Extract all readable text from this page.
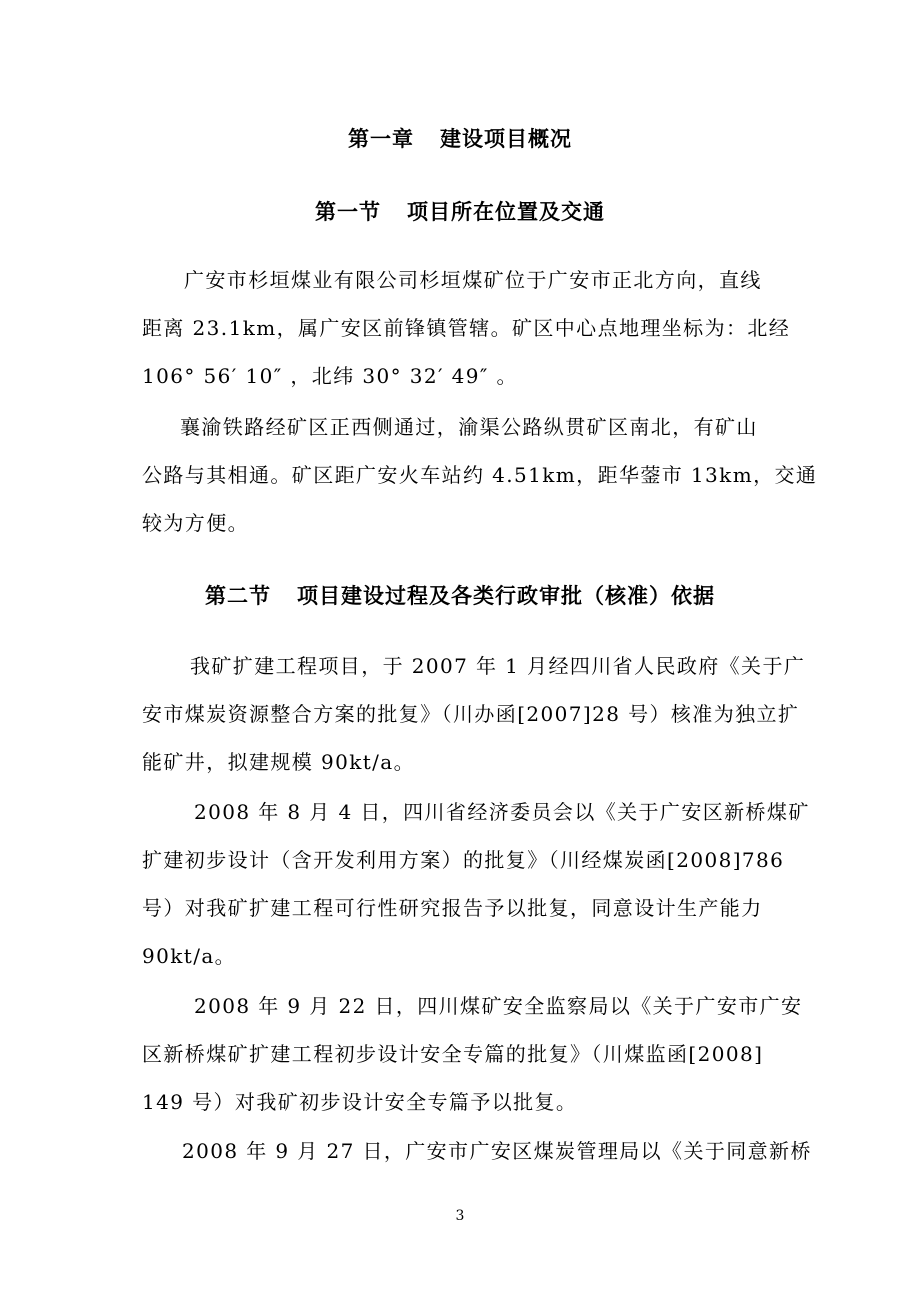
第一章 建设项目概况
第一节 项目所在位置及交通
广安市杉垣煤业有限公司杉垣煤矿位于广安市正北方向，直线
距离 23.1km，属广安区前锋镇管辖。矿区中心点地理坐标为：北经
106° 56′ 10″ ，北纬 30° 32′ 49″ 。
襄渝铁路经矿区正西侧通过，渝渠公路纵贯矿区南北，有矿山
公路与其相通。矿区距广安火车站约 4.51km，距华蓥市 13km，交通
较为方便。
第二节 项目建设过程及各类行政审批（核准）依据
我矿扩建工程项目，于 2007 年 1 月经四川省人民政府《关于广
安市煤炭资源整合方案的批复》（川办函[2007]28 号）核准为独立扩
能矿井，拟建规模 90kt/a。
2008 年 8 月 4 日，四川省经济委员会以《关于广安区新桥煤矿
扩建初步设计（含开发利用方案）的批复》（川经煤炭函[2008]786
号）对我矿扩建工程可行性研究报告予以批复，同意设计生产能力
90kt/a。
2008 年 9 月 22 日，四川煤矿安全监察局以《关于广安市广安
区新桥煤矿扩建工程初步设计安全专篇的批复》（川煤监函[2008]
149 号）对我矿初步设计安全专篇予以批复。
2008 年 9 月 27 日，广安市广安区煤炭管理局以《关于同意新桥
3
